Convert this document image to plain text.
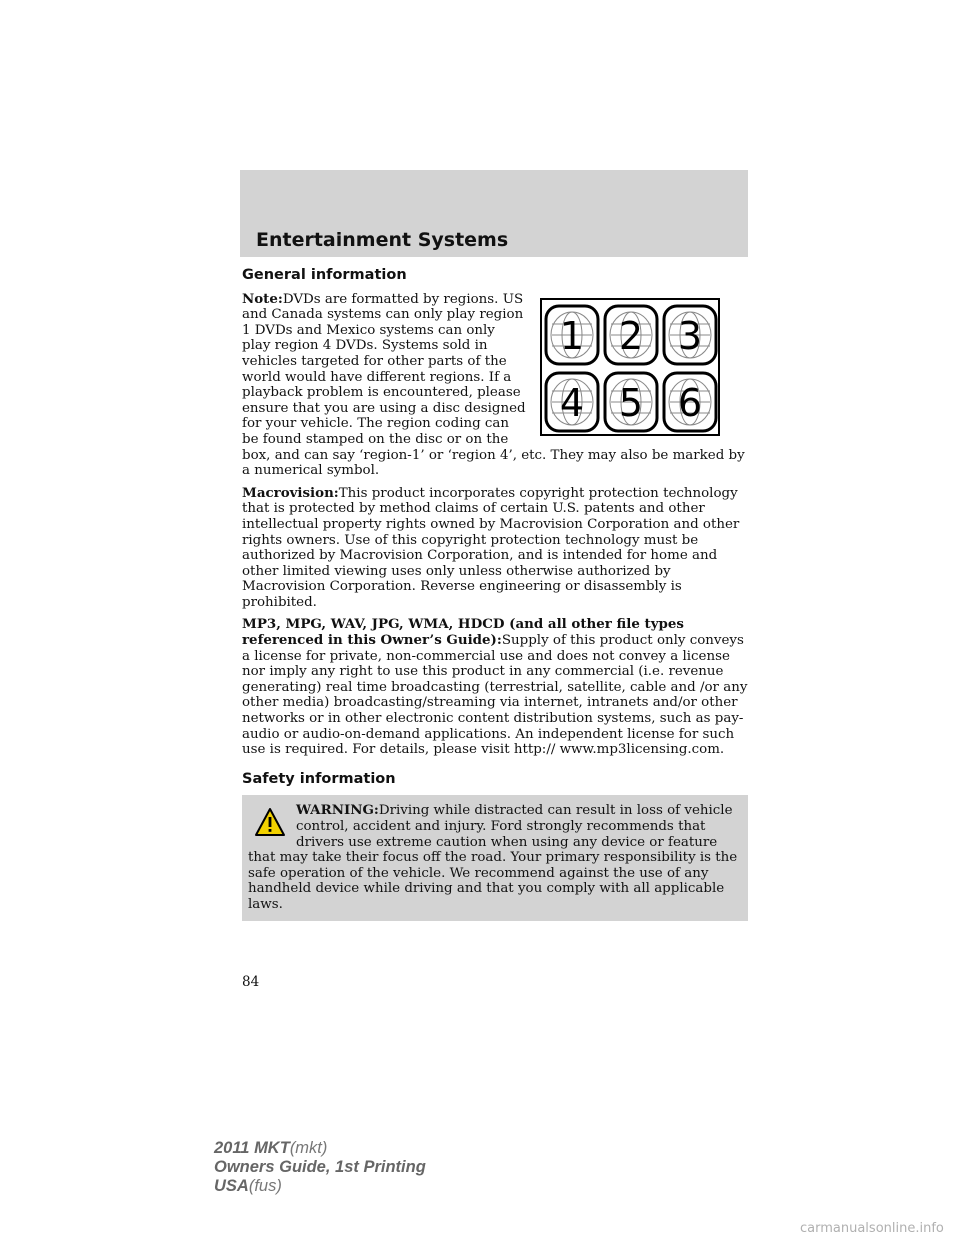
Entertainment Systems
General information
1 2 3
4 5 6

Note:DVDs are formatted by regions. US and Canada systems can only play region 1 DVDs and Mexico systems can only play region 4 DVDs. Systems sold in vehicles targeted for other parts of the world would have different regions. If a playback problem is encountered, please ensure that you are using a disc designed for your vehicle. The region coding can be found stamped on the disc or on the box, and can say ‘region-1’ or ‘region 4’, etc. They may also be marked by a numerical symbol.

Macrovision:This product incorporates copyright protection technology that is protected by method claims of certain U.S. patents and other intellectual property rights owned by Macrovision Corporation and other rights owners. Use of this copyright protection technology must be authorized by Macrovision Corporation, and is intended for home and other limited viewing uses only unless otherwise authorized by Macrovision Corporation. Reverse engineering or disassembly is prohibited.

MP3, MPG, WAV, JPG, WMA, HDCD (and all other file types referenced in this Owner’s Guide):Supply of this product only conveys a license for private, non-commercial use and does not convey a license nor imply any right to use this product in any commercial (i.e. revenue generating) real time broadcasting (terrestrial, satellite, cable and /or any other media) broadcasting/streaming via internet, intranets and/or other networks or in other electronic content distribution systems, such as pay-audio or audio-on-demand applications. An independent license for such use is required. For details, please visit http:// www.mp3licensing.com.

Safety information

WARNING:Driving while distracted can result in loss of vehicle control, accident and injury. Ford strongly recommends that drivers use extreme caution when using any device or feature that may take their focus off the road. Your primary responsibility is the safe operation of the vehicle. We recommend against the use of any handheld device while driving and that you comply with all applicable laws.

84
2011 MKT(mkt)
Owners Guide, 1st Printing
USA(fus)
carmanualsonline.info
